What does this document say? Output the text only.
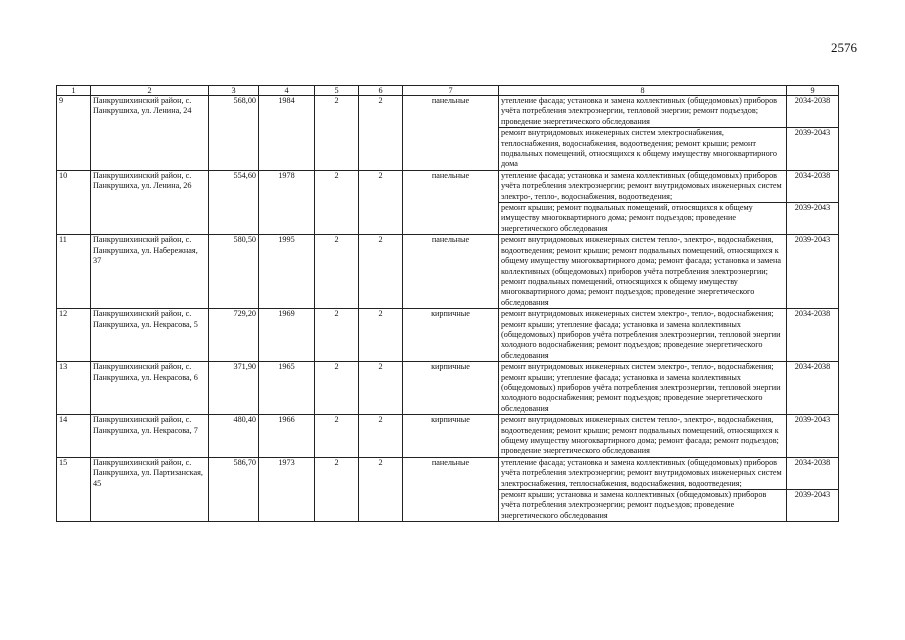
2576
1	2	3	4	5	6	7	8	9
9	Панкрушихинский район, с. Панкрушиха, ул. Ленина, 24	568,00	1984	2	2	панельные	утепление фасада; установка и замена коллективных (общедомовых) приборов учёта потребления электроэнергии, тепловой энергии; ремонт подъездов; проведение энергетического обследования	2034-2038
							ремонт внутридомовых инженерных систем электроснабжения, теплоснабжения, водоснабжения, водоотведения; ремонт крыши; ремонт подвальных помещений, относящихся к общему имуществу многоквартирного дома	2039-2043
10	Панкрушихинский район, с. Панкрушиха, ул. Ленина, 26	554,60	1978	2	2	панельные	утепление фасада; установка и замена коллективных (общедомовых) приборов учёта потребления электроэнергии; ремонт внутридомовых инженерных систем электро-, тепло-, водоснабжения, водоотведения;	2034-2038
							ремонт крыши; ремонт подвальных помещений, относящихся к общему имуществу многоквартирного дома; ремонт подъездов; проведение энергетического обследования	2039-2043
11	Панкрушихинский район, с. Панкрушиха, ул. Набережная, 37	580,50	1995	2	2	панельные	ремонт внутридомовых инженерных систем тепло-, электро-, водоснабжения, водоотведения; ремонт крыши; ремонт подвальных помещений, относящихся к общему имуществу многоквартирного дома; ремонт фасада; установка и замена коллективных (общедомовых) приборов учёта потребления электроэнергии; ремонт подвальных помещений, относящихся к общему имуществу многоквартирного дома; ремонт подъездов; проведение энергетического обследования	2039-2043
12	Панкрушихинский район, с. Панкрушиха, ул. Некрасова, 5	729,20	1969	2	2	кирпичные	ремонт внутридомовых инженерных систем электро-, тепло-, водоснабжения; ремонт крыши; утепление фасада; установка и замена коллективных (общедомовых) приборов учёта потребления электроэнергии, тепловой энергии холодного водоснабжения; ремонт подъездов; проведение энергетического обследования	2034-2038
13	Панкрушихинский район, с. Панкрушиха, ул. Некрасова, 6	371,90	1965	2	2	кирпичные	ремонт внутридомовых инженерных систем электро-, тепло-, водоснабжения; ремонт крыши; утепление фасада; установка и замена коллективных (общедомовых) приборов учёта потребления электроэнергии, тепловой энергии холодного водоснабжения; ремонт подъездов; проведение энергетического обследования	2034-2038
14	Панкрушихинский район, с. Панкрушиха, ул. Некрасова, 7	480,40	1966	2	2	кирпичные	ремонт внутридомовых инженерных систем тепло-, электро-, водоснабжения, водоотведения; ремонт крыши; ремонт подвальных помещений, относящихся к общему имуществу многоквартирного дома; ремонт фасада; ремонт подъездов; проведение энергетического обследования	2039-2043
15	Панкрушихинский район, с. Панкрушиха, ул. Партизанская, 45	586,70	1973	2	2	панельные	утепление фасада; установка и замена коллективных (общедомовых) приборов учёта потребления электроэнергии; ремонт внутридомовых инженерных систем электроснабжения, теплоснабжения, водоснабжения, водоотведения;	2034-2038
							ремонт крыши; установка и замена коллективных (общедомовых) приборов учёта потребления электроэнергии; ремонт подъездов; проведение энергетического обследования	2039-2043
